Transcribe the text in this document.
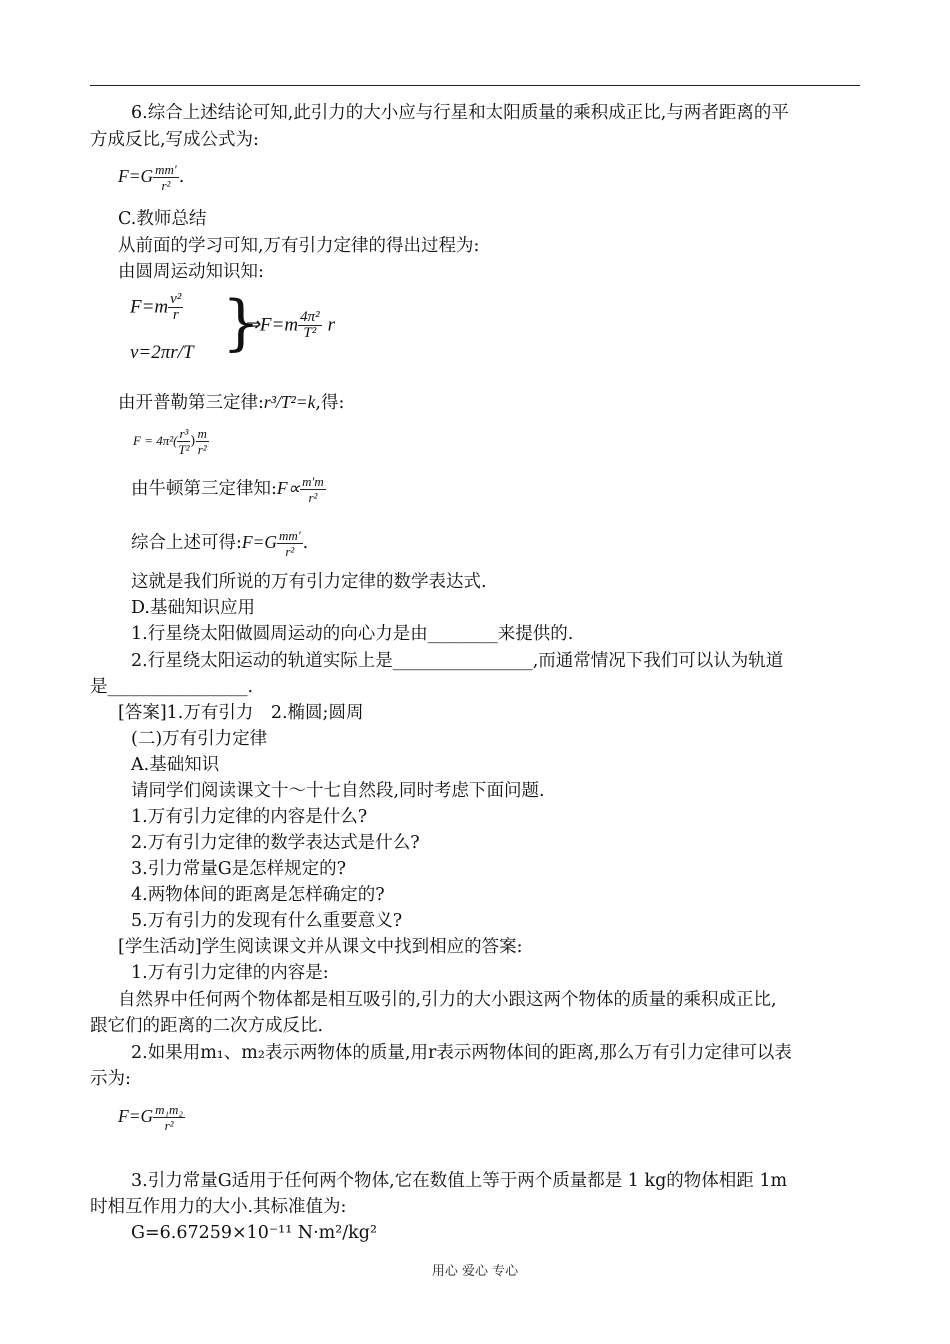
6.综合上述结论可知,此引力的大小应与行星和太阳质量的乘积成正比,与两者距离的平
方成反比,写成公式为:
$F=G \frac{mm'}{\text{r²}}$ .
C.教师总结
从前面的学习可知,万有引力定律的得出过程为:
由圆周运动知识知:
$F=m \frac{\text{v²}}{r}$
v=2πr/T }
⇒F=m $\frac{\text{4π²}}{\text{T²}}$ r
由开普勒第三定律:r³/T²=k,得:
$F = 4\pi^2( \frac{\text{r³}}{\text{T²}}$ ) $\frac{m}{\text{r²}}$
由牛顿第三定律知:F∝ $\frac{m'm}{\text{r²}}$
综合上述可得:F=G $\frac{mm'}{\text{r²}}$ .
这就是我们所说的万有引力定律的数学表达式.
D.基础知识应用
1.行星绕太阳做圆周运动的向心力是由________来提供的.
2.行星绕太阳运动的轨道实际上是________________,而通常情况下我们可以认为轨道
是________________.
[答案]1.万有引力　2.椭圆;圆周
(二)万有引力定律
A.基础知识
请同学们阅读课文十～十七自然段,同时考虑下面问题.
1.万有引力定律的内容是什么?
2.万有引力定律的数学表达式是什么?
3.引力常量G是怎样规定的?
4.两物体间的距离是怎样确定的?
5.万有引力的发现有什么重要意义?
[学生活动]学生阅读课文并从课文中找到相应的答案:
1.万有引力定律的内容是:
自然界中任何两个物体都是相互吸引的,引力的大小跟这两个物体的质量的乘积成正比,
跟它们的距离的二次方成反比.
2.如果用m₁、m₂表示两物体的质量,用r表示两物体间的距离,那么万有引力定律可以表
示为:
$F=G \frac{\text{m₁m₂}}{\text{r²}}$
3.引力常量G适用于任何两个物体,它在数值上等于两个质量都是 1 kg的物体相距 1m
时相互作用力的大小.其标准值为:
G=6.67259×10⁻¹¹ N·m²/kg²
用心 爱心 专心
